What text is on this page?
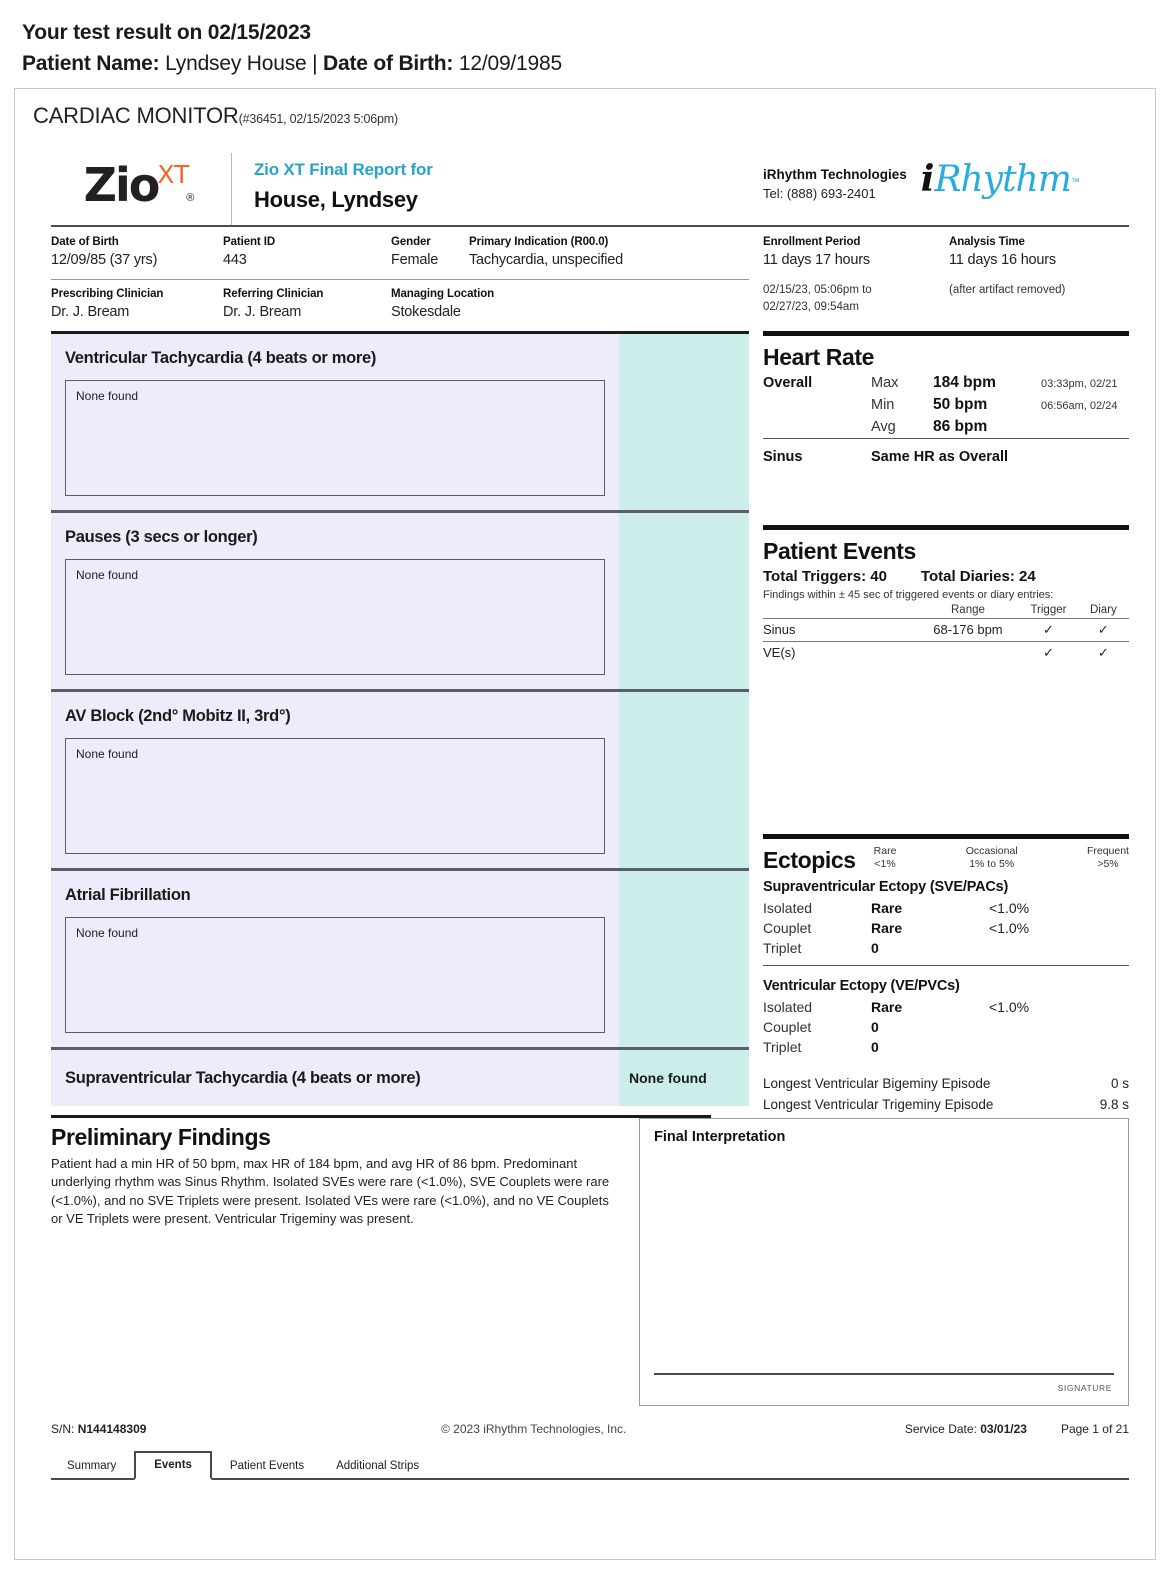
Your test result on 02/15/2023
Patient Name: Lyndsey House | Date of Birth: 12/09/1985
CARDIAC MONITOR(#36451, 02/15/2023 5:06pm)
ZioXT®
Zio XT Final Report for
House, Lyndsey
iRhythm Technologies
Tel: (888) 693-2401	iRhythm™
Date of Birth
12/09/85 (37 yrs)
Patient ID
443
Gender
Female
Primary Indication (R00.0)
Tachycardia, unspecified
Enrollment Period
11 days 17 hours
Analysis Time
11 days 16 hours
Prescribing Clinician
Dr. J. Bream
Referring Clinician
Dr. J. Bream
Managing Location
Stokesdale
02/15/23, 05:06pm to
02/27/23, 09:54am
(after artifact removed)
Ventricular Tachycardia (4 beats or more)
None found
Pauses (3 secs or longer)
None found
AV Block (2nd° Mobitz II, 3rd°)
None found
Atrial Fibrillation
None found
Supraventricular Tachycardia (4 beats or more)	None found
Heart Rate
Overall	Max	184 bpm	03:33pm, 02/21
	Min	50 bpm	06:56am, 02/24
	Avg	86 bpm	

Sinus	Same HR as Overall		
Patient Events
Total Triggers: 40 Total Diaries: 24
Findings within ± 45 sec of triggered events or diary entries:
	Range	Trigger	Diary
Sinus	68-176 bpm	✓	✓
VE(s)		✓	✓
Ectopics Rare
<1%
Occasional
1% to 5%
Frequent
>5%
Supraventricular Ectopy (SVE/PACs)
Isolated	Rare	<1.0%
Couplet	Rare	<1.0%
Triplet	0	
Ventricular Ectopy (VE/PVCs)
Isolated	Rare	<1.0%
Couplet	0	
Triplet	0	
Longest Ventricular Bigeminy Episode	0 s
Longest Ventricular Trigeminy Episode	9.8 s
Preliminary Findings
Patient had a min HR of 50 bpm, max HR of 184 bpm, and avg HR of 86 bpm. Predominant underlying rhythm was Sinus Rhythm. Isolated SVEs were rare (<1.0%), SVE Couplets were rare (<1.0%), and no SVE Triplets were present. Isolated VEs were rare (<1.0%), and no VE Couplets or VE Triplets were present. Ventricular Trigeminy was present.
Final Interpretation
SIGNATURE
S/N: N144148309	© 2023 iRhythm Technologies, Inc.	Service Date: 03/01/23	Page 1 of 21
Summary	Events	Patient Events	Additional Strips
